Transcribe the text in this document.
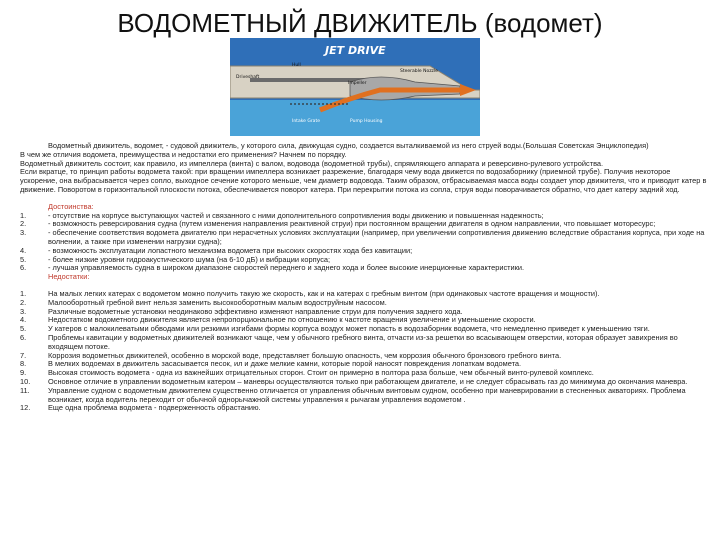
ВОДОМЕТНЫЙ ДВИЖИТЕЛЬ (водомет)
JET DRIVE
Hull
Driveshaft
Impeller
Steerable Nozzle
Intake Grate	Pump Housing

Водометный движитель, водомет, - судовой движитель, у которого сила, движущая судно, создается выталкиваемой из него струей воды.(Большая Советская Энциклопедия)

В чем же отличия водомета, преимущества и недостатки его применения? Начнем по порядку.

Водометный движитель состоит, как правило, из импеллера (винта) с валом, водовода (водометной трубы), спрямляющего аппарата и реверсивно-рулевого устройства.

Если вкратце, то принцип работы водомета такой: при вращении импеллера возникает разрежение, благодаря чему вода движется по водозаборнику (приемной трубе). Получив некоторое ускорение, она выбрасывается через сопло, выходное сечение которого меньше, чем диаметр водовода. Таким образом, отбрасываемая масса воды создает упор движителя, что и приводит катер в движение. Поворотом в горизонтальной плоскости потока, обеспечивается поворот катера. При перекрытии потока из сопла, струя воды поворачивается обратно, что дает катеру задний ход.

Достоинства:

1.	- отсутствие на корпусе выступающих частей и связанного с ними дополнительного сопротивления воды движению и повышенная надежность;
2.	- возможность реверсирования судна (путем изменения направления реактивной струи) при постоянном вращении двигателя в одном направлении, что повышает моторесурс;
3.	- обеспечение соответствия водомета двигателю при нерасчетных условиях эксплуатации (например, при увеличении сопротивления движению вследствие обрастания корпуса, при ходе на волнении, а также при изменении нагрузки судна);
4.	- возможность эксплуатации лопастного механизма водомета при высоких скоростях хода без кавитации;
5.	- более низкие уровни гидроакустического шума (на 6-10 дБ) и вибрации корпуса;
6.	- лучшая управляемость судна в широком диапазоне скоростей переднего и заднего хода и более высокие инерционные характеристики.

Недостатки:

1.	На малых легких катерах с водометом можно получить такую же скорость, как и на катерах с гребным винтом (при одинаковых частоте вращения и мощности).
2.	Малооборотный гребной винт нельзя заменить высокооборотным малым водоструйным насосом.
3.	Различные водометные установки неодинаково эффективно изменяют направление струи для получения заднего хода.
4.	Недостатком водометного движителя является непропорциональное по отношению к частоте вращения увеличение и уменьшение скорости.
5.	У катеров с малокилеватыми обводами или резкими изгибами формы корпуса воздух может попасть в водозаборник водомета, что немедленно приведет к уменьшению тяги.
6.	Проблемы кавитации у водометных движителей возникают чаще, чем у обычного гребного винта, отчасти из-за решетки во всасывающем отверстии, которая образует завихрения во входящем потоке.
7.	Коррозия водометных движителей, особенно в морской воде, представляет большую опасность, чем коррозия обычного бронзового гребного винта.
8.	В мелких водоемах в движитель засасывается песок, ил и даже мелкие камни, которые порой наносят повреждения лопаткам водомета.
9.	Высокая стоимость водомета - одна из важнейших отрицательных сторон. Стоит он примерно в полтора раза больше, чем обычный винто-рулевой комплекс.
10.	Основное отличие в управлении водометным катером – маневры осуществляются только при работающем двигателе, и не следует сбрасывать газ до минимума до окончания маневра.
11.	Управление судном с водометным движителем существенно отличается от управления обычным винтовым судном, особенно при маневрировании в стесненных акваториях. Проблема возникает, когда водитель переходит от обычной однорычажной системы управления к рычагам управления водометом .
12.	Еще одна проблема водомета - подверженность обрастанию.
